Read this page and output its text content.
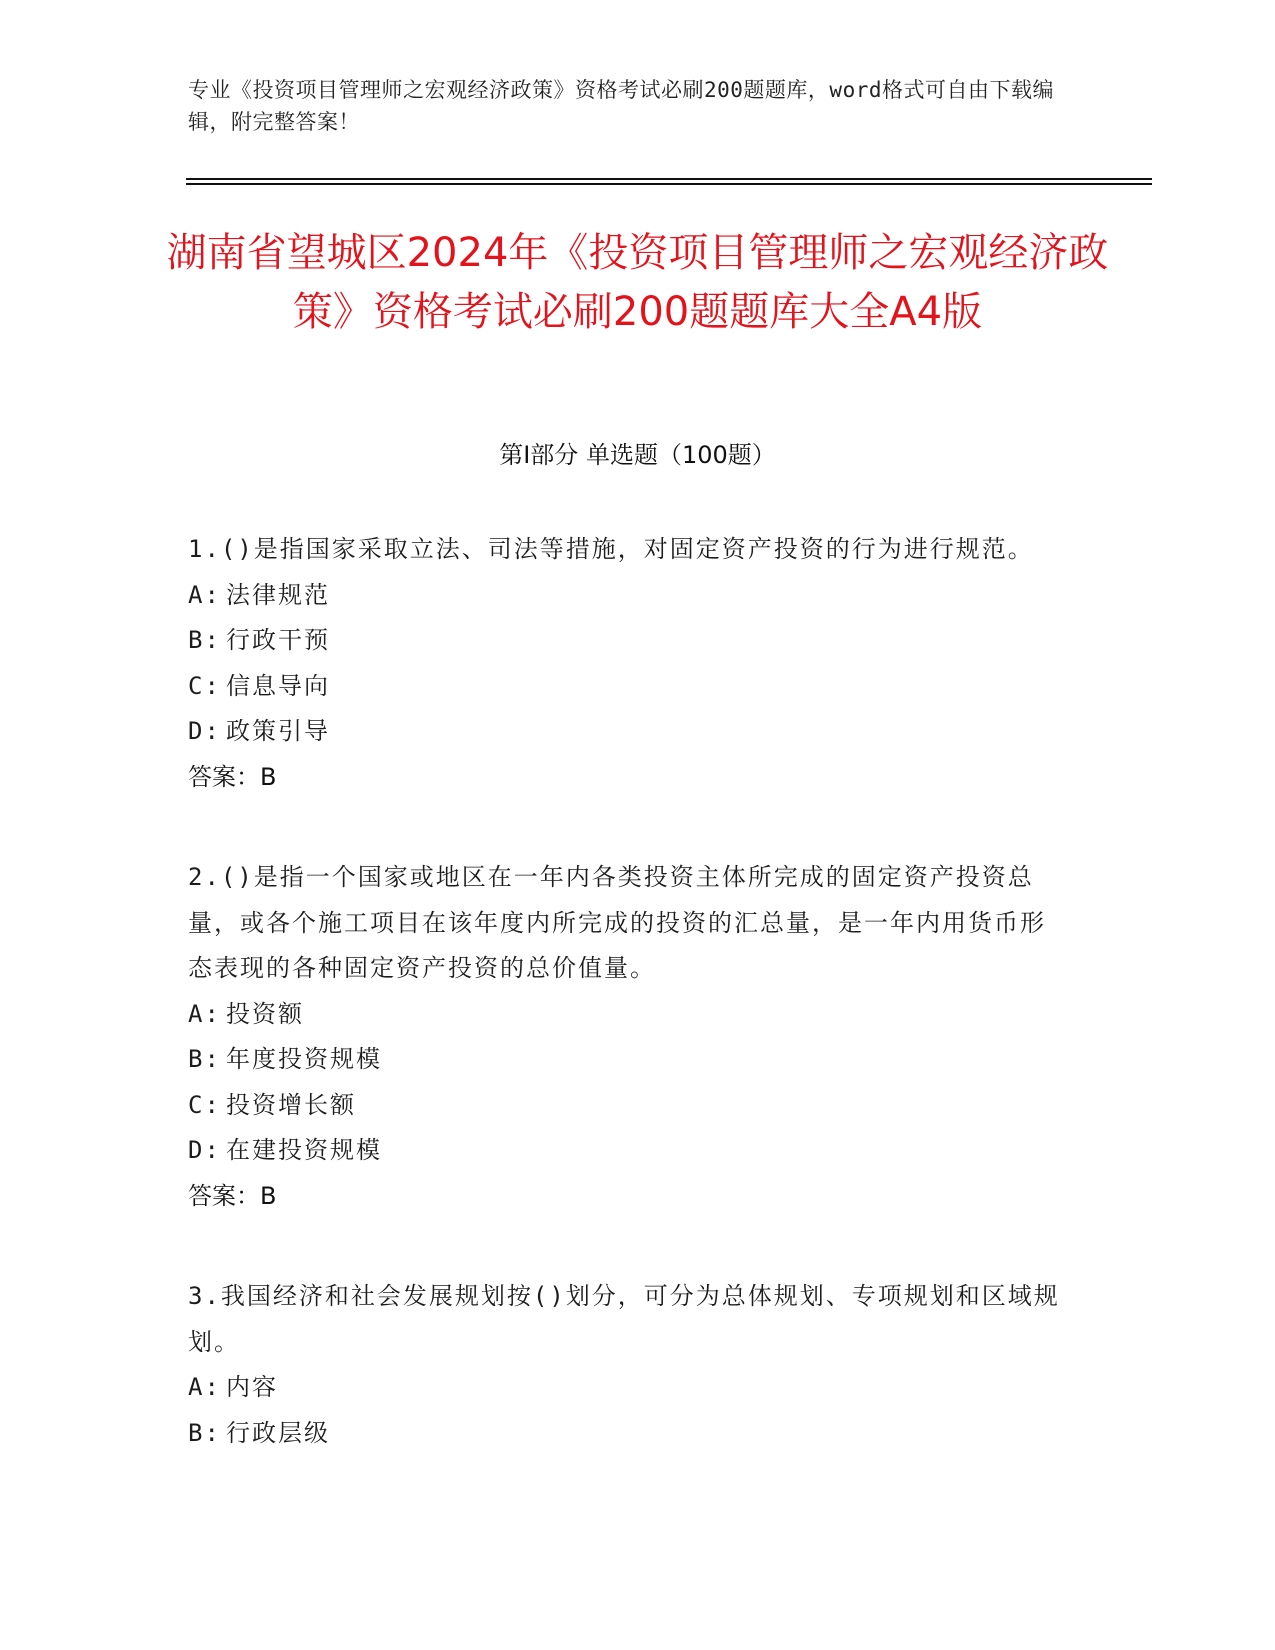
专业《投资项目管理师之宏观经济政策》资格考试必刷200题题库，word格式可自由下载编辑，附完整答案！
湖南省望城区2024年《投资项目管理师之宏观经济政策》资格考试必刷200题题库大全A4版
第I部分 单选题（100题）

1.()是指国家采取立法、司法等措施，对固定资产投资的行为进行规范。

A: 法律规范

B: 行政干预

C: 信息导向

D: 政策引导

答案：B

2.()是指一个国家或地区在一年内各类投资主体所完成的固定资产投资总量，或各个施工项目在该年度内所完成的投资的汇总量，是一年内用货币形态表现的各种固定资产投资的总价值量。

A: 投资额

B: 年度投资规模

C: 投资增长额

D: 在建投资规模

答案：B

3.我国经济和社会发展规划按()划分，可分为总体规划、专项规划和区域规划。

A: 内容

B: 行政层级
